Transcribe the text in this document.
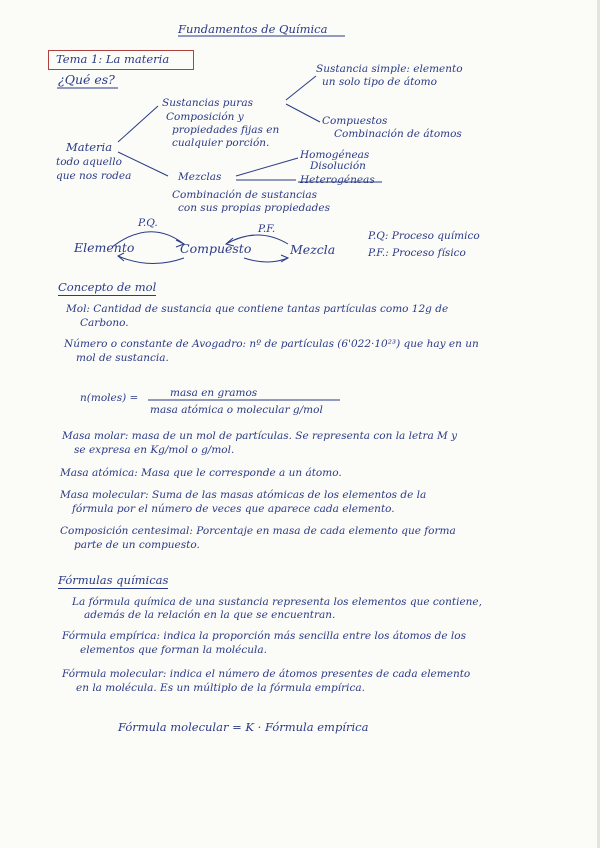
Fundamentos de Química
Tema 1: La materia
¿Qué es?
Materia
todo aquello
que nos rodea
Sustancias puras
Composición y
propiedades fijas en
cualquier porción.
Sustancia simple: elemento
un solo tipo de átomo
Compuestos
Combinación de átomos
Mezclas
Combinación de sustancias
con sus propias propiedades
Homogéneas
Disolución
Heterogéneas
P.Q.	P.F.
Elemento	Compuesto	Mezcla
P.Q: Proceso químico
P.F.: Proceso físico
Concepto de mol
Mol: Cantidad de sustancia que contiene tantas partículas como 12g de
Carbono.
Número o constante de Avogadro: nº de partículas (6'022·10²³) que hay en un
mol de sustancia.
n(moles) =	masa en gramos
masa atómica o molecular g/mol
Masa molar: masa de un mol de partículas. Se representa con la letra M y
se expresa en Kg/mol o g/mol.
Masa atómica: Masa que le corresponde a un átomo.
Masa molecular: Suma de las masas atómicas de los elementos de la
fórmula por el número de veces que aparece cada elemento.
Composición centesimal: Porcentaje en masa de cada elemento que forma
parte de un compuesto.
Fórmulas químicas
La fórmula química de una sustancia representa los elementos que contiene,
además de la relación en la que se encuentran.
Fórmula empírica: indica la proporción más sencilla entre los átomos de los
elementos que forman la molécula.
Fórmula molecular: indica el número de átomos presentes de cada elemento
en la molécula. Es un múltiplo de la fórmula empírica.
Fórmula molecular = K · Fórmula empírica
